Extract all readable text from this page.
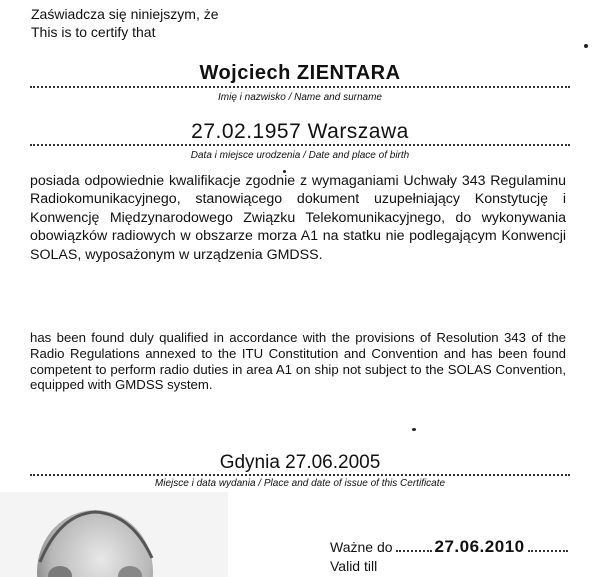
Zaświadcza się niniejszym, że
This is to certify that
Wojciech ZIENTARA
Imię i nazwisko / Name and surname
27.02.1957 Warszawa
Data i miejsce urodzenia / Date and place of birth
posiada odpowiednie kwalifikacje zgodnie z wymaganiami Uchwały 343 Regulaminu Radiokomunikacyjnego, stanowiącego dokument uzupełniający Konstytucję i Konwencję Międzynarodowego Związku Telekomunikacyjnego, do wykonywania obowiązków radiowych w obszarze morza A1 na statku nie podlegającym Konwencji SOLAS, wyposażonym w urządzenia GMDSS.
has been found duly qualified in accordance with the provisions of Resolution 343 of the Radio Regulations annexed to the ITU Constitution and Convention and has been found competent to perform radio duties in area A1 on ship not subject to the SOLAS Convention, equipped with GMDSS system.
Gdynia 27.06.2005
Miejsce i data wydania / Place and date of issue of this Certificate
Ważne do 27.06.2010
Valid till
